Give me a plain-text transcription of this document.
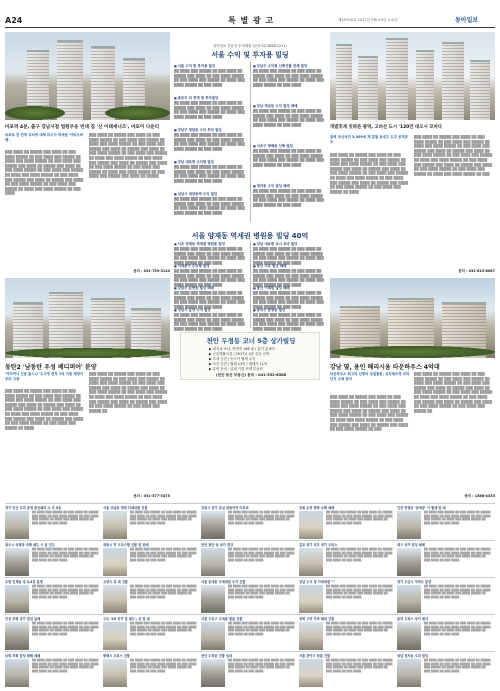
A24	특 별 광 고	제29700호 2017년 9월 23일 토요일	동아일보
마포역 4분, 출구 강남시점 법원부동 빈대 집 '신 이태세니즈', 마포이 다운티
마포로 전 전역 위치에 대체 피오사 역세권 '아파오버벤',
▒▒▒ ▒▒▒▒ ▒▒ ▒▒▒▒▒ ▒▒▒ ▒▒▒▒ ▒▒ ▒▒▒ ▒▒▒▒ ▒▒▒▒▒ ▒▒ ▒▒▒ ▒▒▒▒ ▒▒▒ ▒▒▒▒▒ ▒▒ ▒▒▒▒ ▒▒▒ ▒▒▒▒ ▒▒▒▒▒ ▒▒ ▒▒▒ ▒▒▒▒ ▒▒▒ ▒▒▒▒▒ ▒▒▒ ▒▒▒▒ ▒▒ ▒▒▒▒▒ ▒▒▒ ▒▒▒▒ ▒▒ ▒▒▒ ▒▒▒▒ ▒▒▒▒▒ ▒▒ ▒▒▒ ▒▒▒▒ ▒▒▒ ▒▒▒▒▒ ▒▒ ▒▒▒▒ ▒▒▒ ▒▒▒▒ ▒▒▒▒▒ ▒▒ ▒▒▒ ▒▒▒▒ ▒▒▒ ▒▒▒▒▒ ▒▒▒ ▒▒▒▒ ▒▒ ▒▒▒▒▒ ▒▒▒ ▒▒▒▒ ▒▒ ▒▒▒ ▒▒▒▒ ▒▒▒▒▒ ▒▒ ▒▒▒ ▒▒▒▒ ▒▒▒ ▒▒▒▒▒ ▒▒ ▒▒▒▒ ▒▒▒ ▒▒▒▒ ▒▒▒▒▒ ▒▒ ▒▒▒ ▒▒▒▒
▒▒▒ ▒▒▒▒ ▒▒ ▒▒▒▒▒ ▒▒▒ ▒▒▒▒ ▒▒ ▒▒▒ ▒▒▒▒ ▒▒▒▒▒ ▒▒ ▒▒▒ ▒▒▒▒ ▒▒▒ ▒▒▒▒▒ ▒▒ ▒▒▒▒ ▒▒▒ ▒▒▒▒ ▒▒▒▒▒ ▒▒ ▒▒▒ ▒▒▒▒ ▒▒▒ ▒▒▒▒▒ ▒▒▒ ▒▒▒▒ ▒▒ ▒▒▒▒▒ ▒▒▒ ▒▒▒▒ ▒▒ ▒▒▒ ▒▒▒▒ ▒▒▒▒▒ ▒▒ ▒▒▒ ▒▒▒▒ ▒▒▒ ▒▒▒▒▒ ▒▒ ▒▒▒▒ ▒▒▒ ▒▒▒▒ ▒▒▒▒▒ ▒▒ ▒▒▒ ▒▒▒▒ ▒▒▒ ▒▒▒▒▒ ▒▒▒ ▒▒▒▒ ▒▒ ▒▒▒▒▒ ▒▒▒ ▒▒▒▒ ▒▒ ▒▒▒ ▒▒▒▒ ▒▒▒▒▒ ▒▒ ▒▒▒ ▒▒▒▒ ▒▒▒ ▒▒▒▒▒ ▒▒ ▒▒▒▒ ▒▒▒ ▒▒▒▒ ▒▒▒▒▒ ▒▒ ▒▒▒ ▒▒▒▒ ▒▒▒ ▒▒▒▒▒ ▒▒▒ ▒▒▒▒ ▒▒ ▒▒▒▒▒
문의 : 031-753-3124
동탄2 '남동탄 우성 베디퍼어' 분양
'여러여나 신문 출시나 '도서경 전자 1억 지원 제정이 부의 고용'
▒▒▒ ▒▒▒▒ ▒▒ ▒▒▒▒▒ ▒▒▒ ▒▒▒▒ ▒▒ ▒▒▒ ▒▒▒▒ ▒▒▒▒▒ ▒▒ ▒▒▒ ▒▒▒▒ ▒▒▒ ▒▒▒▒▒ ▒▒ ▒▒▒▒ ▒▒▒ ▒▒▒▒ ▒▒▒▒▒ ▒▒ ▒▒▒ ▒▒▒▒ ▒▒▒ ▒▒▒▒▒ ▒▒▒ ▒▒▒▒ ▒▒ ▒▒▒▒▒ ▒▒▒ ▒▒▒▒ ▒▒ ▒▒▒ ▒▒▒▒ ▒▒▒▒▒ ▒▒ ▒▒▒ ▒▒▒▒ ▒▒▒ ▒▒▒▒▒ ▒▒ ▒▒▒▒ ▒▒▒ ▒▒▒▒ ▒▒▒▒▒ ▒▒ ▒▒▒ ▒▒▒▒ ▒▒▒ ▒▒▒▒▒ ▒▒▒ ▒▒▒▒ ▒▒ ▒▒▒▒▒ ▒▒▒ ▒▒▒▒ ▒▒ ▒▒▒ ▒▒▒▒ ▒▒▒▒▒ ▒▒ ▒▒▒ ▒▒▒▒ ▒▒▒ ▒▒▒▒▒ ▒▒ ▒▒▒▒
▒▒▒ ▒▒▒▒ ▒▒ ▒▒▒▒▒ ▒▒▒ ▒▒▒▒ ▒▒ ▒▒▒ ▒▒▒▒ ▒▒▒▒▒ ▒▒ ▒▒▒ ▒▒▒▒ ▒▒▒ ▒▒▒▒▒ ▒▒ ▒▒▒▒ ▒▒▒ ▒▒▒▒ ▒▒▒▒▒ ▒▒ ▒▒▒ ▒▒▒▒ ▒▒▒ ▒▒▒▒▒ ▒▒▒ ▒▒▒▒ ▒▒ ▒▒▒▒▒ ▒▒▒ ▒▒▒▒ ▒▒ ▒▒▒ ▒▒▒▒ ▒▒▒▒▒ ▒▒ ▒▒▒ ▒▒▒▒ ▒▒▒ ▒▒▒▒▒ ▒▒ ▒▒▒▒ ▒▒▒ ▒▒▒▒ ▒▒▒▒▒ ▒▒ ▒▒▒ ▒▒▒▒ ▒▒▒ ▒▒▒▒▒ ▒▒▒ ▒▒▒▒ ▒▒ ▒▒▒▒▒ ▒▒▒ ▒▒▒▒ ▒▒ ▒▒▒ ▒▒▒▒ ▒▒▒▒▒ ▒▒ ▒▒▒ ▒▒▒▒ ▒▒▒ ▒▒▒▒▒ ▒▒
문의 : 031-377-3475
동아일보 부동산 투자레볼 (문의 02-2658-1211)
서울 수익 및 투자용 빌딩
■ 서울 수익 및 투자용 빌딩
▒▒ ▒▒▒▒ ▒▒▒ ▒▒▒▒▒ ▒▒ ▒▒▒ ▒▒▒▒ ▒▒ ▒▒▒▒▒ ▒▒▒ ▒▒▒▒ ▒▒ ▒▒▒ ▒▒▒▒ ▒▒▒▒▒ ▒▒ ▒▒▒ ▒▒▒▒ ▒▒▒ ▒▒▒▒▒ ▒▒ ▒▒▒▒ ▒▒▒ ▒▒▒▒ ▒▒▒▒▒ ▒▒ ▒▒▒ ▒▒▒▒
■ 종로구 외 전액 및 투자빌딩
▒▒ ▒▒▒▒ ▒▒▒ ▒▒▒▒▒ ▒▒ ▒▒▒ ▒▒▒▒ ▒▒ ▒▒▒▒▒ ▒▒▒ ▒▒▒▒ ▒▒ ▒▒▒ ▒▒▒▒ ▒▒▒▒▒ ▒▒ ▒▒▒ ▒▒▒▒ ▒▒▒ ▒▒▒▒▒ ▒▒ ▒▒▒▒ ▒▒▒ ▒▒▒▒ ▒▒▒▒▒ ▒▒ ▒▒▒ ▒▒▒▒
■ 강남구 청담동 수익 투자 빌딩
▒▒ ▒▒▒▒ ▒▒▒ ▒▒▒▒▒ ▒▒ ▒▒▒ ▒▒▒▒ ▒▒ ▒▒▒▒▒ ▒▒▒ ▒▒▒▒ ▒▒ ▒▒▒ ▒▒▒▒ ▒▒▒▒▒ ▒▒ ▒▒▒ ▒▒▒▒ ▒▒▒ ▒▒▒▒▒ ▒▒ ▒▒▒▒ ▒▒▒ ▒▒▒▒ ▒▒▒▒▒ ▒▒ ▒▒▒ ▒▒▒▒
■ 강남 대로변 수익형 빌딩
▒▒ ▒▒▒▒ ▒▒▒ ▒▒▒▒▒ ▒▒ ▒▒▒ ▒▒▒▒ ▒▒ ▒▒▒▒▒ ▒▒▒ ▒▒▒▒ ▒▒ ▒▒▒ ▒▒▒▒ ▒▒▒▒▒ ▒▒ ▒▒▒ ▒▒▒▒ ▒▒▒ ▒▒▒▒▒ ▒▒ ▒▒▒▒ ▒▒▒ ▒▒▒▒ ▒▒▒▒▒ ▒▒ ▒▒▒ ▒▒▒▒
■ 성남시 대장동역 수익 빌딩
▒▒ ▒▒▒▒ ▒▒▒ ▒▒▒▒▒ ▒▒ ▒▒▒ ▒▒▒▒ ▒▒ ▒▒▒▒▒ ▒▒▒ ▒▒▒▒ ▒▒ ▒▒▒ ▒▒▒▒ ▒▒▒▒▒ ▒▒ ▒▒▒ ▒▒▒▒ ▒▒▒ ▒▒▒▒▒ ▒▒ ▒▒▒▒ ▒▒▒ ▒▒▒▒ ▒▒▒▒▒ ▒▒ ▒▒▒ ▒▒▒▒
■ 강남구 수익형 신축건물 전체 빌딩
▒▒ ▒▒▒▒ ▒▒▒ ▒▒▒▒▒ ▒▒ ▒▒▒ ▒▒▒▒ ▒▒ ▒▒▒▒▒ ▒▒▒ ▒▒▒▒ ▒▒ ▒▒▒ ▒▒▒▒ ▒▒▒▒▒ ▒▒ ▒▒▒ ▒▒▒▒ ▒▒▒ ▒▒▒▒▒ ▒▒ ▒▒▒▒ ▒▒▒ ▒▒▒▒ ▒▒▒▒▒ ▒▒ ▒▒▒ ▒▒▒▒
■ 강남 역삼동 수익 빌딩 매매
▒▒ ▒▒▒▒ ▒▒▒ ▒▒▒▒▒ ▒▒ ▒▒▒ ▒▒▒▒ ▒▒ ▒▒▒▒▒ ▒▒▒ ▒▒▒▒ ▒▒ ▒▒▒ ▒▒▒▒ ▒▒▒▒▒ ▒▒ ▒▒▒ ▒▒▒▒ ▒▒▒ ▒▒▒▒▒ ▒▒ ▒▒▒▒ ▒▒▒ ▒▒▒▒ ▒▒▒▒▒ ▒▒ ▒▒▒ ▒▒▒▒
■ 서초구 방배동 신축 빌딩
▒▒ ▒▒▒▒ ▒▒▒ ▒▒▒▒▒ ▒▒ ▒▒▒ ▒▒▒▒ ▒▒ ▒▒▒▒▒ ▒▒▒ ▒▒▒▒ ▒▒ ▒▒▒ ▒▒▒▒ ▒▒▒▒▒ ▒▒ ▒▒▒ ▒▒▒▒ ▒▒▒ ▒▒▒▒▒ ▒▒ ▒▒▒▒ ▒▒▒ ▒▒▒▒ ▒▒▒▒▒ ▒▒ ▒▒▒ ▒▒▒▒
■ 정자동 수익 빌딩 매매
▒▒ ▒▒▒▒ ▒▒▒ ▒▒▒▒▒ ▒▒ ▒▒▒ ▒▒▒▒ ▒▒ ▒▒▒▒▒ ▒▒▒ ▒▒▒▒ ▒▒ ▒▒▒ ▒▒▒▒ ▒▒▒▒▒ ▒▒ ▒▒▒ ▒▒▒▒ ▒▒▒ ▒▒▒▒▒ ▒▒ ▒▒▒▒ ▒▒▒ ▒▒▒▒ ▒▒▒▒▒ ▒▒ ▒▒▒ ▒▒▒▒
서울 양재동 역세권 병원용 빌딩 40억
■ 서초 양재동 역세권 병원용 빌딩
▒▒ ▒▒▒▒ ▒▒▒ ▒▒▒▒▒ ▒▒ ▒▒▒ ▒▒▒▒ ▒▒ ▒▒▒▒▒ ▒▒▒ ▒▒▒▒ ▒▒ ▒▒▒ ▒▒▒▒ ▒▒▒▒▒ ▒▒ ▒▒▒ ▒▒▒▒ ▒▒▒ ▒▒▒▒▒ ▒▒ ▒▒▒▒ ▒▒▒ ▒▒▒▒ ▒▒▒▒▒ ▒▒ ▒▒▒ ▒▒▒▒
■ 서대문구 수익형 빌딩
▒▒ ▒▒▒▒ ▒▒▒ ▒▒▒▒▒ ▒▒ ▒▒▒ ▒▒▒▒ ▒▒ ▒▒▒▒▒ ▒▒▒ ▒▒▒▒ ▒▒ ▒▒▒ ▒▒▒▒ ▒▒▒▒▒ ▒▒ ▒▒▒ ▒▒▒▒ ▒▒▒ ▒▒▒▒▒ ▒▒ ▒▒▒▒ ▒▒▒ ▒▒▒▒ ▒▒▒▒▒ ▒▒ ▒▒▒ ▒▒▒▒
■ 강남구 논현동 빌딩 매매
▒▒ ▒▒▒▒ ▒▒▒ ▒▒▒▒▒ ▒▒ ▒▒▒ ▒▒▒▒ ▒▒ ▒▒▒▒▒ ▒▒▒ ▒▒▒▒ ▒▒ ▒▒▒ ▒▒▒▒ ▒▒▒▒▒ ▒▒ ▒▒▒ ▒▒▒▒ ▒▒▒ ▒▒▒▒▒ ▒▒ ▒▒▒▒ ▒▒▒ ▒▒▒▒ ▒▒▒▒▒ ▒▒ ▒▒▒ ▒▒▒▒
■ 성남시 분당 수익 빌딩
▒▒ ▒▒▒▒ ▒▒▒ ▒▒▒▒▒ ▒▒ ▒▒▒ ▒▒▒▒ ▒▒ ▒▒▒▒▒ ▒▒▒ ▒▒▒▒ ▒▒ ▒▒▒ ▒▒▒▒ ▒▒▒▒▒ ▒▒ ▒▒▒ ▒▒▒▒ ▒▒▒ ▒▒▒▒▒ ▒▒ ▒▒▒▒ ▒▒▒ ▒▒▒▒ ▒▒▒▒▒ ▒▒ ▒▒▒ ▒▒▒▒
■ 강남 대로변 코너 꼬마 빌딩
▒▒ ▒▒▒▒ ▒▒▒ ▒▒▒▒▒ ▒▒ ▒▒▒ ▒▒▒▒ ▒▒ ▒▒▒▒▒ ▒▒▒ ▒▒▒▒ ▒▒ ▒▒▒ ▒▒▒▒ ▒▒▒▒▒ ▒▒ ▒▒▒ ▒▒▒▒ ▒▒▒ ▒▒▒▒▒ ▒▒ ▒▒▒▒ ▒▒▒ ▒▒▒▒ ▒▒▒▒▒ ▒▒ ▒▒▒ ▒▒▒▒
■ 동산 서초 빌딩 매매
▒▒ ▒▒▒▒ ▒▒▒ ▒▒▒▒▒ ▒▒ ▒▒▒ ▒▒▒▒ ▒▒ ▒▒▒▒▒ ▒▒▒ ▒▒▒▒ ▒▒ ▒▒▒ ▒▒▒▒ ▒▒▒▒▒ ▒▒ ▒▒▒ ▒▒▒▒ ▒▒▒ ▒▒▒▒▒ ▒▒ ▒▒▒▒ ▒▒▒ ▒▒▒▒ ▒▒▒▒▒ ▒▒ ▒▒▒ ▒▒▒▒
■ 용산 이태원 빌딩 매매
▒▒ ▒▒▒▒ ▒▒▒ ▒▒▒▒▒ ▒▒ ▒▒▒ ▒▒▒▒ ▒▒ ▒▒▒▒▒ ▒▒▒ ▒▒▒▒ ▒▒ ▒▒▒ ▒▒▒▒ ▒▒▒▒▒ ▒▒ ▒▒▒ ▒▒▒▒ ▒▒▒ ▒▒▒▒▒ ▒▒ ▒▒▒▒ ▒▒▒ ▒▒▒▒ ▒▒▒▒▒ ▒▒ ▒▒▒ ▒▒▒▒
■ 송파구 문정동 빌딩
▒▒ ▒▒▒▒ ▒▒▒ ▒▒▒▒▒ ▒▒ ▒▒▒ ▒▒▒▒ ▒▒ ▒▒▒▒▒ ▒▒▒ ▒▒▒▒ ▒▒ ▒▒▒ ▒▒▒▒ ▒▒▒▒▒ ▒▒ ▒▒▒ ▒▒▒▒ ▒▒▒ ▒▒▒▒▒ ▒▒ ▒▒▒▒ ▒▒▒ ▒▒▒▒ ▒▒▒▒▒ ▒▒ ▒▒▒ ▒▒▒▒
천안 두정동 코너 5층 상가빌딩
▶ 대지 8 코너, 연면적 168 평 / 총기 총 8억
▶ 근린생활시설 / 2017년 4층 중공 신축
▶ 부대 공간 / 동시가 월세 수익
▶ 보증 공간 / 월세 13억 / 매매가 11억
▶ 분양 문의 : 업체 기업 전략 부동산
(천안 동산 부동산) 문의 : 041-552-8588
개발호재 잇따른 광역, 고려산 도시 '120만 대오시 꼬마다
광역 초난성전 3,300세 제 분할 동대고 도강 공격공모
▒▒▒ ▒▒▒▒ ▒▒ ▒▒▒▒▒ ▒▒▒ ▒▒▒▒ ▒▒ ▒▒▒ ▒▒▒▒ ▒▒▒▒▒ ▒▒ ▒▒▒ ▒▒▒▒ ▒▒▒ ▒▒▒▒▒ ▒▒ ▒▒▒▒ ▒▒▒ ▒▒▒▒ ▒▒▒▒▒ ▒▒ ▒▒▒ ▒▒▒▒ ▒▒▒ ▒▒▒▒▒ ▒▒▒ ▒▒▒▒ ▒▒ ▒▒▒▒▒ ▒▒▒ ▒▒▒▒ ▒▒ ▒▒▒ ▒▒▒▒ ▒▒▒▒▒ ▒▒ ▒▒▒ ▒▒▒▒ ▒▒▒ ▒▒▒▒▒ ▒▒ ▒▒▒▒ ▒▒▒ ▒▒▒▒ ▒▒▒▒▒ ▒▒ ▒▒▒ ▒▒▒▒ ▒▒▒ ▒▒▒▒▒ ▒▒▒ ▒▒▒▒ ▒▒ ▒▒▒▒▒ ▒▒▒ ▒▒▒▒ ▒▒ ▒▒▒ ▒▒▒▒ ▒▒▒▒▒ ▒▒ ▒▒▒ ▒▒▒▒ ▒▒▒ ▒▒▒▒▒ ▒▒ ▒▒▒▒
▒▒▒ ▒▒▒▒ ▒▒ ▒▒▒▒▒ ▒▒▒ ▒▒▒▒ ▒▒ ▒▒▒ ▒▒▒▒ ▒▒▒▒▒ ▒▒ ▒▒▒ ▒▒▒▒ ▒▒▒ ▒▒▒▒▒ ▒▒ ▒▒▒▒ ▒▒▒ ▒▒▒▒ ▒▒▒▒▒ ▒▒ ▒▒▒ ▒▒▒▒ ▒▒▒ ▒▒▒▒▒ ▒▒▒ ▒▒▒▒ ▒▒ ▒▒▒▒▒ ▒▒▒ ▒▒▒▒ ▒▒ ▒▒▒ ▒▒▒▒ ▒▒▒▒▒ ▒▒ ▒▒▒ ▒▒▒▒ ▒▒▒ ▒▒▒▒▒ ▒▒ ▒▒▒▒ ▒▒▒ ▒▒▒▒ ▒▒▒▒▒ ▒▒ ▒▒▒ ▒▒▒▒ ▒▒▒ ▒▒▒▒▒ ▒▒▒ ▒▒▒▒ ▒▒ ▒▒▒▒▒ ▒▒▒ ▒▒▒▒ ▒▒ ▒▒▒ ▒▒▒▒ ▒▒▒▒▒ ▒▒ ▒▒▒ ▒▒▒▒ ▒▒▒ ▒▒▒▒▒ ▒▒ ▒▒▒▒ ▒▒▒ ▒▒▒▒ ▒▒▒▒▒ ▒▒ ▒▒▒
문의 : 031-615-8087
강남 옆, 용인 해리시움 타운하우스 4억대
타운하우스 최고의 신랑파 상설통한, 위치형조정 피라 단지 소형 문의
▒▒▒ ▒▒▒▒ ▒▒ ▒▒▒▒▒ ▒▒▒ ▒▒▒▒ ▒▒ ▒▒▒ ▒▒▒▒ ▒▒▒▒▒ ▒▒ ▒▒▒ ▒▒▒▒ ▒▒▒ ▒▒▒▒▒ ▒▒ ▒▒▒▒ ▒▒▒ ▒▒▒▒ ▒▒▒▒▒ ▒▒ ▒▒▒ ▒▒▒▒ ▒▒▒ ▒▒▒▒▒ ▒▒▒ ▒▒▒▒ ▒▒ ▒▒▒▒▒ ▒▒▒ ▒▒▒▒ ▒▒ ▒▒▒ ▒▒▒▒ ▒▒▒▒▒ ▒▒ ▒▒▒ ▒▒▒▒ ▒▒▒ ▒▒▒▒▒ ▒▒ ▒▒▒▒ ▒▒▒ ▒▒▒▒ ▒▒▒▒▒ ▒▒ ▒▒▒ ▒▒▒▒ ▒▒▒ ▒▒▒▒▒ ▒▒▒ ▒▒▒▒ ▒▒ ▒▒▒▒▒ ▒▒▒ ▒▒▒▒ ▒▒ ▒▒▒ ▒▒▒▒ ▒▒▒▒▒ ▒▒ ▒▒▒
▒▒▒ ▒▒▒▒ ▒▒ ▒▒▒▒▒ ▒▒▒ ▒▒▒▒ ▒▒ ▒▒▒ ▒▒▒▒ ▒▒▒▒▒ ▒▒ ▒▒▒ ▒▒▒▒ ▒▒▒ ▒▒▒▒▒ ▒▒ ▒▒▒▒ ▒▒▒ ▒▒▒▒ ▒▒▒▒▒ ▒▒ ▒▒▒ ▒▒▒▒ ▒▒▒ ▒▒▒▒▒ ▒▒▒ ▒▒▒▒ ▒▒ ▒▒▒▒▒ ▒▒▒ ▒▒▒▒ ▒▒ ▒▒▒ ▒▒▒▒ ▒▒▒▒▒ ▒▒ ▒▒▒ ▒▒▒▒ ▒▒▒ ▒▒▒▒▒ ▒▒ ▒▒▒▒ ▒▒▒ ▒▒▒▒ ▒▒▒▒▒ ▒▒ ▒▒▒ ▒▒▒▒ ▒▒▒ ▒▒▒▒▒ ▒▒▒ ▒▒▒▒ ▒▒ ▒▒▒▒▒ ▒▒▒ ▒▒▒▒ ▒▒ ▒▒▒ ▒▒▒▒ ▒▒▒▒▒ ▒▒ ▒▒▒ ▒▒▒▒ ▒▒▒ ▒▒▒▒▒ ▒▒
문의 : 1588-4333
경기 안산 우미 공세 완산복지 소 리 5층
▒▒ ▒▒▒▒ ▒▒▒ ▒▒▒▒▒ ▒▒ ▒▒▒ ▒▒▒▒ ▒▒ ▒▒▒▒▒ ▒▒▒ ▒▒▒▒ ▒▒ ▒▒▒ ▒▒▒▒ ▒▒▒▒▒ ▒▒ ▒▒▒ ▒▒▒▒ ▒▒▒ ▒▒▒▒▒ ▒▒ ▒▒▒▒ ▒▒▒ ▒▒▒▒ ▒▒▒▒▒ ▒▒ ▒▒▒ ▒▒▒▒ ▒▒ ▒▒▒ ▒▒▒▒
서울 강남동 재재 다세대원 건물
▒▒ ▒▒▒▒ ▒▒▒ ▒▒▒▒▒ ▒▒ ▒▒▒ ▒▒▒▒ ▒▒ ▒▒▒▒▒ ▒▒▒ ▒▒▒▒ ▒▒ ▒▒▒ ▒▒▒▒ ▒▒▒▒▒ ▒▒ ▒▒▒ ▒▒▒▒ ▒▒▒ ▒▒▒▒▒ ▒▒ ▒▒▒▒ ▒▒▒ ▒▒▒▒ ▒▒▒▒▒ ▒▒ ▒▒▒ ▒▒▒▒ ▒▒ ▒▒▒ ▒▒▒▒
강릉시 상가 중심 대원지역 이외외
▒▒ ▒▒▒▒ ▒▒▒ ▒▒▒▒▒ ▒▒ ▒▒▒ ▒▒▒▒ ▒▒ ▒▒▒▒▒ ▒▒▒ ▒▒▒▒ ▒▒ ▒▒▒ ▒▒▒▒ ▒▒▒▒▒ ▒▒ ▒▒▒ ▒▒▒▒ ▒▒▒ ▒▒▒▒▒ ▒▒ ▒▒▒▒ ▒▒▒ ▒▒▒▒ ▒▒▒▒▒ ▒▒ ▒▒▒ ▒▒▒▒ ▒▒ ▒▒▒ ▒▒▒▒
강원 순천 풍학 주택 매매
▒▒ ▒▒▒▒ ▒▒▒ ▒▒▒▒▒ ▒▒ ▒▒▒ ▒▒▒▒ ▒▒ ▒▒▒▒▒ ▒▒▒ ▒▒▒▒ ▒▒ ▒▒▒ ▒▒▒▒ ▒▒▒▒▒ ▒▒ ▒▒▒ ▒▒▒▒ ▒▒▒ ▒▒▒▒▒ ▒▒ ▒▒▒▒ ▒▒▒ ▒▒▒▒ ▒▒▒▒▒ ▒▒ ▒▒▒ ▒▒▒▒ ▒▒ ▒▒▒ ▒▒▒▒
인천 연결동 '동예장' 이 월세 및 매
▒▒ ▒▒▒▒ ▒▒▒ ▒▒▒▒▒ ▒▒ ▒▒▒ ▒▒▒▒ ▒▒ ▒▒▒▒▒ ▒▒▒ ▒▒▒▒ ▒▒ ▒▒▒ ▒▒▒▒ ▒▒▒▒▒ ▒▒ ▒▒▒ ▒▒▒▒ ▒▒▒ ▒▒▒▒▒ ▒▒ ▒▒▒▒ ▒▒▒ ▒▒▒▒ ▒▒▒▒▒ ▒▒ ▒▒▒ ▒▒▒▒ ▒▒ ▒▒▒ ▒▒▒▒
광주시 국제정 숙박 매도 시 급 인도
▒▒ ▒▒▒▒ ▒▒▒ ▒▒▒▒▒ ▒▒ ▒▒▒ ▒▒▒▒ ▒▒ ▒▒▒▒▒ ▒▒▒ ▒▒▒▒ ▒▒ ▒▒▒ ▒▒▒▒ ▒▒▒▒▒ ▒▒ ▒▒▒ ▒▒▒▒ ▒▒▒ ▒▒▒▒▒ ▒▒ ▒▒▒▒ ▒▒▒ ▒▒▒▒ ▒▒▒▒▒ ▒▒ ▒▒▒ ▒▒▒▒ ▒▒ ▒▒▒ ▒▒▒▒
세종시 역 오피스텔 건물 및 판매
▒▒ ▒▒▒▒ ▒▒▒ ▒▒▒▒▒ ▒▒ ▒▒▒ ▒▒▒▒ ▒▒ ▒▒▒▒▒ ▒▒▒ ▒▒▒▒ ▒▒ ▒▒▒ ▒▒▒▒ ▒▒▒▒▒ ▒▒ ▒▒▒ ▒▒▒▒ ▒▒▒ ▒▒▒▒▒ ▒▒ ▒▒▒▒ ▒▒▒ ▒▒▒▒ ▒▒▒▒▒ ▒▒ ▒▒▒ ▒▒▒▒ ▒▒ ▒▒▒ ▒▒▒▒
천안 광안 동 상가 빌딩
▒▒ ▒▒▒▒ ▒▒▒ ▒▒▒▒▒ ▒▒ ▒▒▒ ▒▒▒▒ ▒▒ ▒▒▒▒▒ ▒▒▒ ▒▒▒▒ ▒▒ ▒▒▒ ▒▒▒▒ ▒▒▒▒▒ ▒▒ ▒▒▒ ▒▒▒▒ ▒▒▒ ▒▒▒▒▒ ▒▒ ▒▒▒▒ ▒▒▒ ▒▒▒▒ ▒▒▒▒▒ ▒▒ ▒▒▒ ▒▒▒▒ ▒▒ ▒▒▒ ▒▒▒▒
김포 장기 리모 정가 오피스
▒▒ ▒▒▒▒ ▒▒▒ ▒▒▒▒▒ ▒▒ ▒▒▒ ▒▒▒▒ ▒▒ ▒▒▒▒▒ ▒▒▒ ▒▒▒▒ ▒▒ ▒▒▒ ▒▒▒▒ ▒▒▒▒▒ ▒▒ ▒▒▒ ▒▒▒▒ ▒▒▒ ▒▒▒▒▒ ▒▒ ▒▒▒▒ ▒▒▒ ▒▒▒▒ ▒▒▒▒▒ ▒▒ ▒▒▒ ▒▒▒▒ ▒▒ ▒▒▒ ▒▒▒▒
대구 상가 빌딩 매매
▒▒ ▒▒▒▒ ▒▒▒ ▒▒▒▒▒ ▒▒ ▒▒▒ ▒▒▒▒ ▒▒ ▒▒▒▒▒ ▒▒▒ ▒▒▒▒ ▒▒ ▒▒▒ ▒▒▒▒ ▒▒▒▒▒ ▒▒ ▒▒▒ ▒▒▒▒ ▒▒▒ ▒▒▒▒▒ ▒▒ ▒▒▒▒ ▒▒▒ ▒▒▒▒ ▒▒▒▒▒ ▒▒ ▒▒▒ ▒▒▒▒ ▒▒ ▒▒▒ ▒▒▒▒
수원 인계동 장 3,4층 분양
▒▒ ▒▒▒▒ ▒▒▒ ▒▒▒▒▒ ▒▒ ▒▒▒ ▒▒▒▒ ▒▒ ▒▒▒▒▒ ▒▒▒ ▒▒▒▒ ▒▒ ▒▒▒ ▒▒▒▒ ▒▒▒▒▒ ▒▒ ▒▒▒ ▒▒▒▒ ▒▒▒ ▒▒▒▒▒ ▒▒ ▒▒▒▒ ▒▒▒ ▒▒▒▒ ▒▒▒▒▒ ▒▒ ▒▒▒ ▒▒▒▒ ▒▒ ▒▒▒ ▒▒▒▒
고양시 위 대 건물
▒▒ ▒▒▒▒ ▒▒▒ ▒▒▒▒▒ ▒▒ ▒▒▒ ▒▒▒▒ ▒▒ ▒▒▒▒▒ ▒▒▒ ▒▒▒▒ ▒▒ ▒▒▒ ▒▒▒▒ ▒▒▒▒▒ ▒▒ ▒▒▒ ▒▒▒▒ ▒▒▒ ▒▒▒▒▒ ▒▒ ▒▒▒▒ ▒▒▒ ▒▒▒▒ ▒▒▒▒▒ ▒▒ ▒▒▒ ▒▒▒▒ ▒▒ ▒▒▒ ▒▒▒▒
서울 동대문 다세대원 주거 건물
▒▒ ▒▒▒▒ ▒▒▒ ▒▒▒▒▒ ▒▒ ▒▒▒ ▒▒▒▒ ▒▒ ▒▒▒▒▒ ▒▒▒ ▒▒▒▒ ▒▒ ▒▒▒ ▒▒▒▒ ▒▒▒▒▒ ▒▒ ▒▒▒ ▒▒▒▒ ▒▒▒ ▒▒▒▒▒ ▒▒ ▒▒▒▒ ▒▒▒ ▒▒▒▒ ▒▒▒▒▒ ▒▒ ▒▒▒ ▒▒▒▒ ▒▒ ▒▒▒ ▒▒▒▒
강남 도서 청 다세대원 ''''
▒▒ ▒▒▒▒ ▒▒▒ ▒▒▒▒▒ ▒▒ ▒▒▒ ▒▒▒▒ ▒▒ ▒▒▒▒▒ ▒▒▒ ▒▒▒▒ ▒▒ ▒▒▒ ▒▒▒▒ ▒▒▒▒▒ ▒▒ ▒▒▒ ▒▒▒▒ ▒▒▒ ▒▒▒▒▒ ▒▒ ▒▒▒▒ ▒▒▒ ▒▒▒▒ ▒▒▒▒▒ ▒▒ ▒▒▒ ▒▒▒▒ ▒▒ ▒▒▒ ▒▒▒▒
경기 오산시 아파트 분양
▒▒ ▒▒▒▒ ▒▒▒ ▒▒▒▒▒ ▒▒ ▒▒▒ ▒▒▒▒ ▒▒ ▒▒▒▒▒ ▒▒▒ ▒▒▒▒ ▒▒ ▒▒▒ ▒▒▒▒ ▒▒▒▒▒ ▒▒ ▒▒▒ ▒▒▒▒ ▒▒▒ ▒▒▒▒▒ ▒▒ ▒▒▒▒ ▒▒▒ ▒▒▒▒ ▒▒▒▒▒ ▒▒ ▒▒▒ ▒▒▒▒ ▒▒ ▒▒▒ ▒▒▒▒
인천 부평 상가 빌딩 급매
▒▒ ▒▒▒▒ ▒▒▒ ▒▒▒▒▒ ▒▒ ▒▒▒ ▒▒▒▒ ▒▒ ▒▒▒▒▒ ▒▒▒ ▒▒▒▒ ▒▒ ▒▒▒ ▒▒▒▒ ▒▒▒▒▒ ▒▒ ▒▒▒ ▒▒▒▒ ▒▒▒ ▒▒▒▒▒ ▒▒ ▒▒▒▒ ▒▒▒ ▒▒▒▒ ▒▒▒▒▒ ▒▒ ▒▒▒ ▒▒▒▒ ▒▒ ▒▒▒ ▒▒▒▒
구로 'XX 상가 빌 매도', 상 빌 매
▒▒ ▒▒▒▒ ▒▒▒ ▒▒▒▒▒ ▒▒ ▒▒▒ ▒▒▒▒ ▒▒ ▒▒▒▒▒ ▒▒▒ ▒▒▒▒ ▒▒ ▒▒▒ ▒▒▒▒ ▒▒▒▒▒ ▒▒ ▒▒▒ ▒▒▒▒ ▒▒▒ ▒▒▒▒▒ ▒▒ ▒▒▒▒ ▒▒▒ ▒▒▒▒ ▒▒▒▒▒ ▒▒ ▒▒▒ ▒▒▒▒ ▒▒ ▒▒▒ ▒▒▒▒
서울 구로구 고척동 원룸 건물
▒▒ ▒▒▒▒ ▒▒▒ ▒▒▒▒▒ ▒▒ ▒▒▒ ▒▒▒▒ ▒▒ ▒▒▒▒▒ ▒▒▒ ▒▒▒▒ ▒▒ ▒▒▒ ▒▒▒▒ ▒▒▒▒▒ ▒▒ ▒▒▒ ▒▒▒▒ ▒▒▒ ▒▒▒▒▒ ▒▒ ▒▒▒▒ ▒▒▒ ▒▒▒▒ ▒▒▒▒▒ ▒▒ ▒▒▒ ▒▒▒▒ ▒▒ ▒▒▒ ▒▒▒▒
경북 구미 아파 해외 건물
▒▒ ▒▒▒▒ ▒▒▒ ▒▒▒▒▒ ▒▒ ▒▒▒ ▒▒▒▒ ▒▒ ▒▒▒▒▒ ▒▒▒ ▒▒▒▒ ▒▒ ▒▒▒ ▒▒▒▒ ▒▒▒▒▒ ▒▒ ▒▒▒ ▒▒▒▒ ▒▒▒ ▒▒▒▒▒ ▒▒ ▒▒▒▒ ▒▒▒ ▒▒▒▒ ▒▒▒▒▒ ▒▒ ▒▒▒ ▒▒▒▒ ▒▒ ▒▒▒ ▒▒▒▒
분당 오피스 상가 매각
▒▒ ▒▒▒▒ ▒▒▒ ▒▒▒▒▒ ▒▒ ▒▒▒ ▒▒▒▒ ▒▒ ▒▒▒▒▒ ▒▒▒ ▒▒▒▒ ▒▒ ▒▒▒ ▒▒▒▒ ▒▒▒▒▒ ▒▒ ▒▒▒ ▒▒▒▒ ▒▒▒ ▒▒▒▒▒ ▒▒ ▒▒▒▒ ▒▒▒ ▒▒▒▒ ▒▒▒▒▒ ▒▒ ▒▒▒ ▒▒▒▒ ▒▒ ▒▒▒ ▒▒▒▒
보령 자회 빌딩 평택 매매
▒▒ ▒▒▒▒ ▒▒▒ ▒▒▒▒▒ ▒▒ ▒▒▒ ▒▒▒▒ ▒▒ ▒▒▒▒▒ ▒▒▒ ▒▒▒▒ ▒▒ ▒▒▒ ▒▒▒▒ ▒▒▒▒▒ ▒▒ ▒▒▒ ▒▒▒▒ ▒▒▒ ▒▒▒▒▒ ▒▒ ▒▒▒▒ ▒▒▒ ▒▒▒▒ ▒▒▒▒▒ ▒▒ ▒▒▒ ▒▒▒▒ ▒▒ ▒▒▒ ▒▒▒▒
평택시 오피스 건물
▒▒ ▒▒▒▒ ▒▒▒ ▒▒▒▒▒ ▒▒ ▒▒▒ ▒▒▒▒ ▒▒ ▒▒▒▒▒ ▒▒▒ ▒▒▒▒ ▒▒ ▒▒▒ ▒▒▒▒ ▒▒▒▒▒ ▒▒ ▒▒▒ ▒▒▒▒ ▒▒▒ ▒▒▒▒▒ ▒▒ ▒▒▒▒ ▒▒▒ ▒▒▒▒ ▒▒▒▒▒ ▒▒ ▒▒▒ ▒▒▒▒ ▒▒ ▒▒▒ ▒▒▒▒
천안 두정동 건물 임대
▒▒ ▒▒▒▒ ▒▒▒ ▒▒▒▒▒ ▒▒ ▒▒▒ ▒▒▒▒ ▒▒ ▒▒▒▒▒ ▒▒▒ ▒▒▒▒ ▒▒ ▒▒▒ ▒▒▒▒ ▒▒▒▒▒ ▒▒ ▒▒▒ ▒▒▒▒ ▒▒▒ ▒▒▒▒▒ ▒▒ ▒▒▒▒ ▒▒▒ ▒▒▒▒ ▒▒▒▒▒ ▒▒ ▒▒▒ ▒▒▒▒ ▒▒ ▒▒▒ ▒▒▒▒
서울 관악구 원룸 건물
▒▒ ▒▒▒▒ ▒▒▒ ▒▒▒▒▒ ▒▒ ▒▒▒ ▒▒▒▒ ▒▒ ▒▒▒▒▒ ▒▒▒ ▒▒▒▒ ▒▒ ▒▒▒ ▒▒▒▒ ▒▒▒▒▒ ▒▒ ▒▒▒ ▒▒▒▒ ▒▒▒ ▒▒▒▒▒ ▒▒ ▒▒▒▒ ▒▒▒ ▒▒▒▒ ▒▒▒▒▒ ▒▒ ▒▒▒ ▒▒▒▒ ▒▒ ▒▒▒ ▒▒▒▒
성남 정자동 오피 빌딩
▒▒ ▒▒▒▒ ▒▒▒ ▒▒▒▒▒ ▒▒ ▒▒▒ ▒▒▒▒ ▒▒ ▒▒▒▒▒ ▒▒▒ ▒▒▒▒ ▒▒ ▒▒▒ ▒▒▒▒ ▒▒▒▒▒ ▒▒ ▒▒▒ ▒▒▒▒ ▒▒▒ ▒▒▒▒▒ ▒▒ ▒▒▒▒ ▒▒▒ ▒▒▒▒ ▒▒▒▒▒ ▒▒ ▒▒▒ ▒▒▒▒ ▒▒ ▒▒▒ ▒▒▒▒
